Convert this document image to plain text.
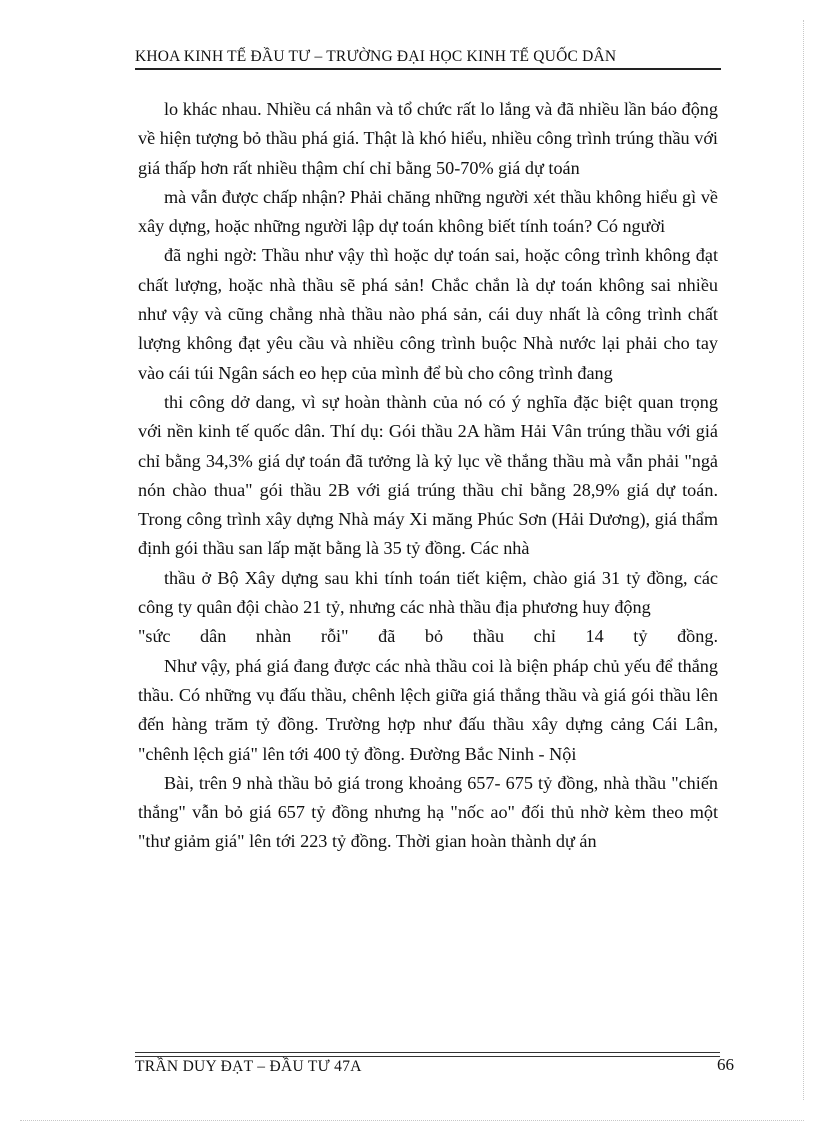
KHOA KINH TẾ ĐẦU TƯ – TRƯỜNG ĐẠI HỌC KINH TẾ QUỐC DÂN

lo khác nhau. Nhiều cá nhân và tổ chức rất lo lắng và đã nhiều lần báo động về hiện tượng bỏ thầu phá giá. Thật là khó hiểu, nhiều công trình trúng thầu với giá thấp hơn rất nhiều thậm chí chỉ bằng 50-70% giá dự toán

mà vẫn được chấp nhận? Phải chăng những người xét thầu không hiểu gì về xây dựng, hoặc những người lập dự toán không biết tính toán? Có người

đã nghi ngờ: Thầu như vậy thì hoặc dự toán sai, hoặc công trình không đạt chất lượng, hoặc nhà thầu sẽ phá sản! Chắc chắn là dự toán không sai nhiều như vậy và cũng chẳng nhà thầu nào phá sản, cái duy nhất là công trình chất lượng không đạt yêu cầu và nhiều công trình buộc Nhà nước lại phải cho tay vào cái túi Ngân sách eo hẹp của mình để bù cho công trình đang

thi công dở dang, vì sự hoàn thành của nó có ý nghĩa đặc biệt quan trọng với nền kinh tế quốc dân. Thí dụ: Gói thầu 2A hầm Hải Vân trúng thầu với giá chỉ bằng 34,3% giá dự toán đã tưởng là kỷ lục về thắng thầu mà vẫn phải "ngả nón chào thua" gói thầu 2B với giá trúng thầu chỉ bằng 28,9% giá dự toán. Trong công trình xây dựng Nhà máy Xi măng Phúc Sơn (Hải Dương), giá thẩm định gói thầu san lấp mặt bằng là 35 tỷ đồng. Các nhà

thầu ở Bộ Xây dựng sau khi tính toán tiết kiệm, chào giá 31 tỷ đồng, các công ty quân đội chào 21 tỷ, nhưng các nhà thầu địa phương huy động

"sức dân nhàn rỗi" đã bỏ thầu chỉ 14 tỷ đồng.

Như vậy, phá giá đang được các nhà thầu coi là biện pháp chủ yếu để thắng thầu. Có những vụ đấu thầu, chênh lệch giữa giá thắng thầu và giá gói thầu lên đến hàng trăm tỷ đồng. Trường hợp như đấu thầu xây dựng cảng Cái Lân, "chênh lệch giá" lên tới 400 tỷ đồng. Đường Bắc Ninh - Nội

Bài, trên 9 nhà thầu bỏ giá trong khoảng 657- 675 tỷ đồng, nhà thầu "chiến thắng" vẫn bỏ giá 657 tỷ đồng nhưng hạ "nốc ao" đối thủ nhờ kèm theo một "thư giảm giá" lên tới 223 tỷ đồng. Thời gian hoàn thành dự án

TRẦN DUY ĐẠT – ĐẦU TƯ 47A	66
